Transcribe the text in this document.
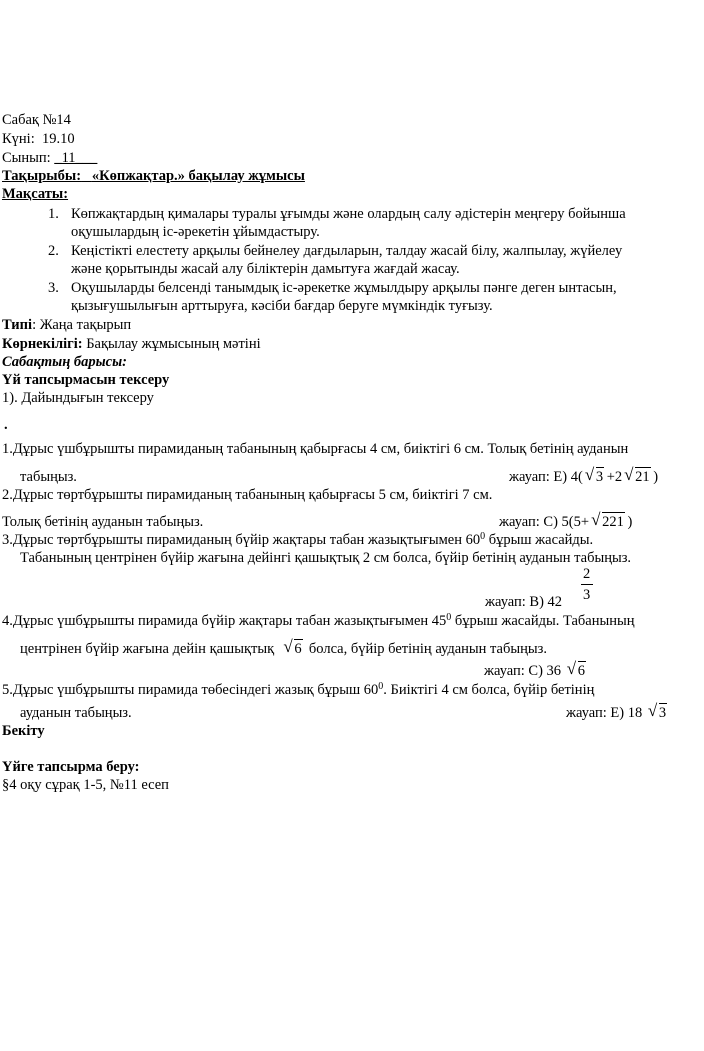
Сабақ №14
Күні: 19.10
Сынып: _11___
Тақырыбы: «Көпжақтар.» бақылау жұмысы
Мақсаты:
1. Көпжақтардың қималары туралы ұғымды және олардың салу әдістерін меңгеру бойынша
оқушылардың іс-әрекетін ұйымдастыру.
2. Кеңістікті елестету арқылы бейнелеу дағдыларын, талдау жасай білу, жалпылау, жүйелеу
және қорытынды жасай алу біліктерін дамытуға жағдай жасау.
3. Оқушыларды белсенді танымдық іс-әрекетке жұмылдыру арқылы пәнге деген ынтасын,
қызығушылығын арттыруға, кәсіби бағдар беруге мүмкіндік туғызу.
Типі: Жаңа тақырып
Көрнекілігі: Бақылау жұмысының мәтіні
Сабақтың барысы:
Үй тапсырмасын тексеру
1). Дайындығын тексеру
.
1.Дұрыс үшбұрышты пирамиданың табанының қабырғасы 4 см, биіктігі 6 см. Толық бетінің ауданын
табыңыз.	жауап: Е) 4( √ 3 +2 √ 21 )
2.Дұрыс төртбұрышты пирамиданың табанының қабырғасы 5 см, биіктігі 7 см.
Толық бетінің ауданын табыңыз.	жауап: С) 5(5+ √ 221 )
3.Дұрыс төртбұрышты пирамиданың бүйір жақтары табан жазықтығымен $60^0$ бұрыш жасайды.
Табанының центрінен бүйір жағына дейінгі қашықтық 2 см болса, бүйір бетінің ауданын табыңыз.
2
3
жауап: В) 42
4.Дұрыс үшбұрышты пирамида бүйір жақтары табан жазықтығымен $45^0$ бұрыш жасайды. Табанының
центрінен бүйір жағына дейін қашықтық √ 6 болса, бүйір бетінің ауданын табыңыз.
жауап: С) 36 √ 6
5.Дұрыс үшбұрышты пирамида төбесіндегі жазық бұрыш $60^0$. Биіктігі 4 см болса, бүйір бетінің
ауданын табыңыз.	жауап: Е) 18 √ 3
Бекіту
Үйге тапсырма беру:
§4 оқу сұрақ 1-5, №11 есеп
